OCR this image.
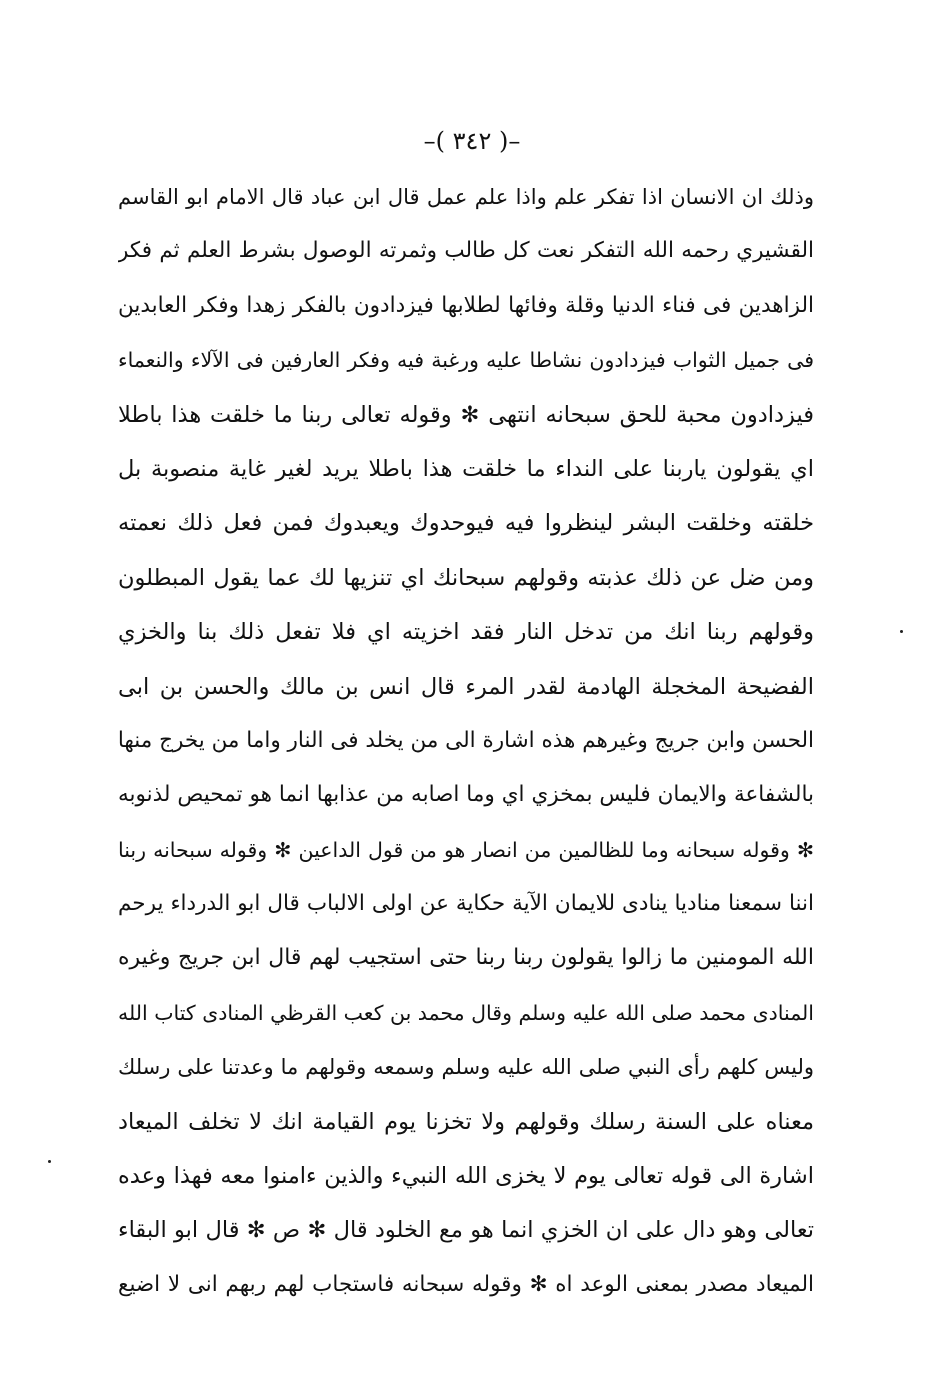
–( ٣٤٢ )–
وذلك ان الانسان اذا تفكر علم واذا علم عمل قال ابن عباد قال الامام ابو القاسم
القشيري رحمه الله التفكر نعت كل طالب وثمرته الوصول بشرط العلم ثم فكر
الزاهدين فى فناء الدنيا وقلة وفائها لطلابها فيزدادون بالفكر زهدا وفكر العابدين
فى جميل الثواب فيزدادون نشاطا عليه ورغبة فيه وفكر العارفين فى الآلاء والنعماء
فيزدادون محبة للحق سبحانه انتهى ✻ وقوله تعالى ربنا ما خلقت هذا باطلا
اي يقولون ياربنا على النداء ما خلقت هذا باطلا يريد لغير غاية منصوبة بل
خلقته وخلقت البشر لينظروا فيه فيوحدوك ويعبدوك فمن فعل ذلك نعمته
ومن ضل عن ذلك عذبته وقولهم سبحانك اي تنزيها لك عما يقول المبطلون
وقولهم ربنا انك من تدخل النار فقد اخزيته اي فلا تفعل ذلك بنا والخزي
الفضيحة المخجلة الهادمة لقدر المرء قال انس بن مالك والحسن بن ابى
الحسن وابن جريج وغيرهم هذه اشارة الى من يخلد فى النار واما من يخرج منها
بالشفاعة والايمان فليس بمخزي اي وما اصابه من عذابها انما هو تمحيص لذنوبه
✻ وقوله سبحانه وما للظالمين من انصار هو من قول الداعين ✻ وقوله سبحانه ربنا
اننا سمعنا مناديا ينادى للايمان الآية حكاية عن اولى الالباب قال ابو الدرداء يرحم
الله المومنين ما زالوا يقولون ربنا ربنا حتى استجيب لهم قال ابن جريج وغيره
المنادى محمد صلى الله عليه وسلم وقال محمد بن كعب القرظي المنادى كتاب الله
وليس كلهم رأى النبي صلى الله عليه وسلم وسمعه وقولهم ما وعدتنا على رسلك
معناه على السنة رسلك وقولهم ولا تخزنا يوم القيامة انك لا تخلف الميعاد
اشارة الى قوله تعالى يوم لا يخزى الله النبيء والذين ءامنوا معه فهذا وعده
تعالى وهو دال على ان الخزي انما هو مع الخلود قال ✻ ص ✻ قال ابو البقاء
الميعاد مصدر بمعنى الوعد اه ✻ وقوله سبحانه فاستجاب لهم ربهم انى لا اضيع
